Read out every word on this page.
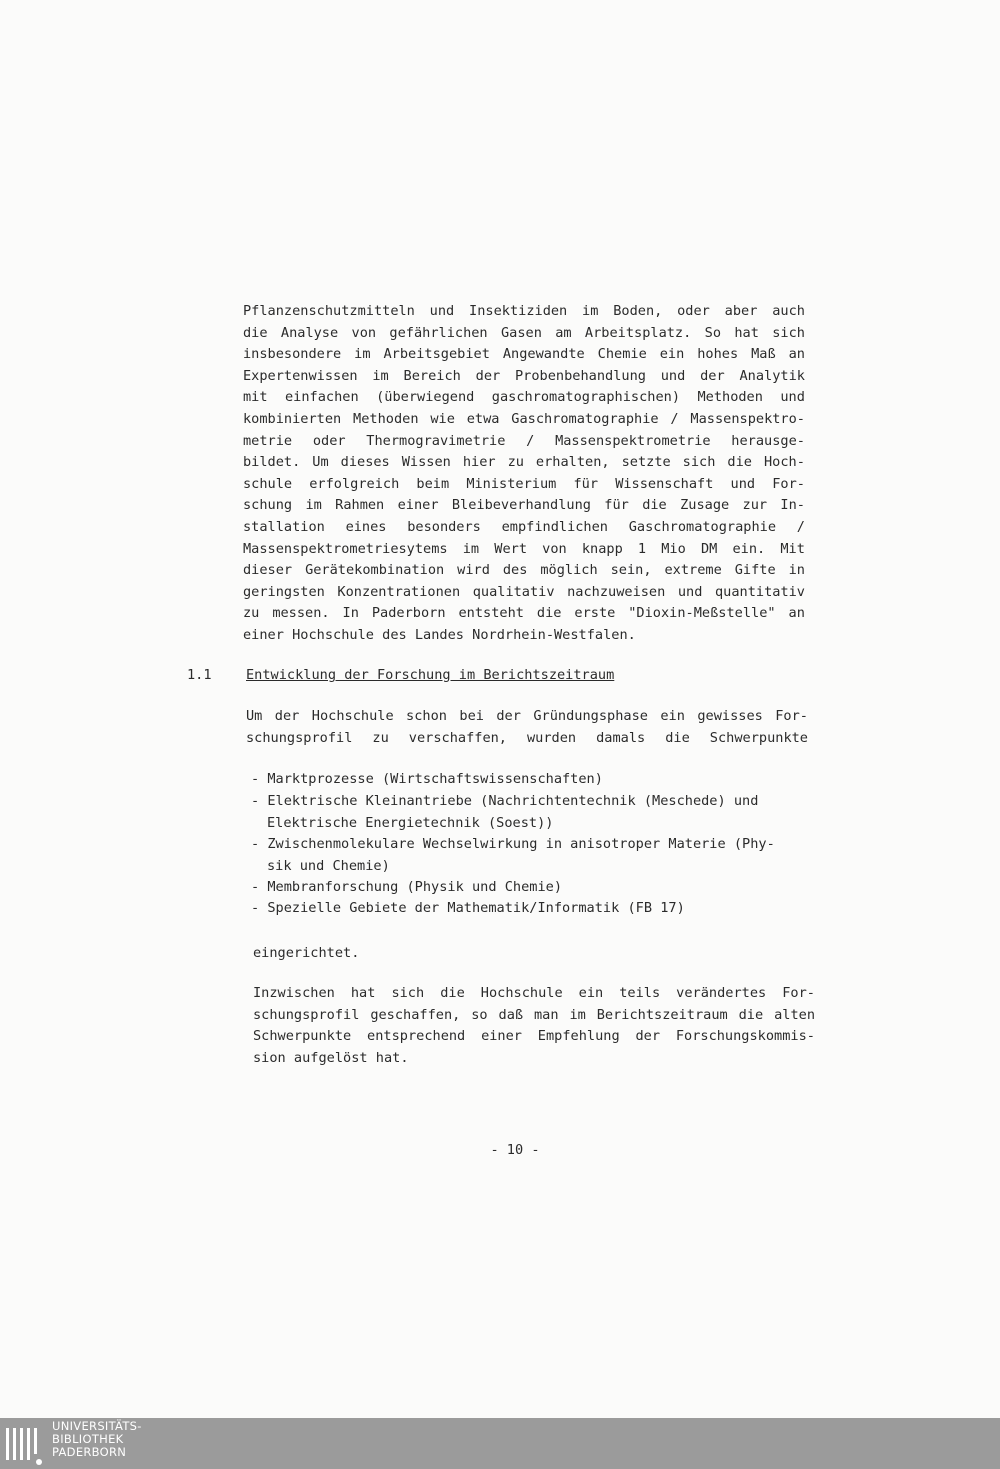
Pflanzenschutzmitteln und Insektiziden im Boden, oder aber auch
die Analyse von gefährlichen Gasen am Arbeitsplatz. So hat sich
insbesondere im Arbeitsgebiet Angewandte Chemie ein hohes Maß an
Expertenwissen im Bereich der Probenbehandlung und der Analytik
mit einfachen (überwiegend gaschromatographischen) Methoden und
kombinierten Methoden wie etwa Gaschromatographie / Massenspektro-
metrie oder Thermogravimetrie / Massenspektrometrie herausge-
bildet. Um dieses Wissen hier zu erhalten, setzte sich die Hoch-
schule erfolgreich beim Ministerium für Wissenschaft und For-
schung im Rahmen einer Bleibeverhandlung für die Zusage zur In-
stallation eines besonders empfindlichen Gaschromatographie /
Massenspektrometriesytems im Wert von knapp 1 Mio DM ein. Mit
dieser Gerätekombination wird des möglich sein, extreme Gifte in
geringsten Konzentrationen qualitativ nachzuweisen und quantitativ
zu messen. In Paderborn entsteht die erste "Dioxin-Meßstelle" an
einer Hochschule des Landes Nordrhein-Westfalen.
1.1	Entwicklung der Forschung im Berichtszeitraum
Um der Hochschule schon bei der Gründungsphase ein gewisses For-
schungsprofil zu verschaffen, wurden damals die Schwerpunkte
- Marktprozesse (Wirtschaftswissenschaften)
- Elektrische Kleinantriebe (Nachrichtentechnik (Meschede) und
Elektrische Energietechnik (Soest))
- Zwischenmolekulare Wechselwirkung in anisotroper Materie (Phy-
sik und Chemie)
- Membranforschung (Physik und Chemie)
- Spezielle Gebiete der Mathematik/Informatik (FB 17)
eingerichtet.
Inzwischen hat sich die Hochschule ein teils verändertes For-
schungsprofil geschaffen, so daß man im Berichtszeitraum die alten
Schwerpunkte entsprechend einer Empfehlung der Forschungskommis-
sion aufgelöst hat.
- 10 -
UNIVERSITÄTS-
BIBLIOTHEK
PADERBORN
